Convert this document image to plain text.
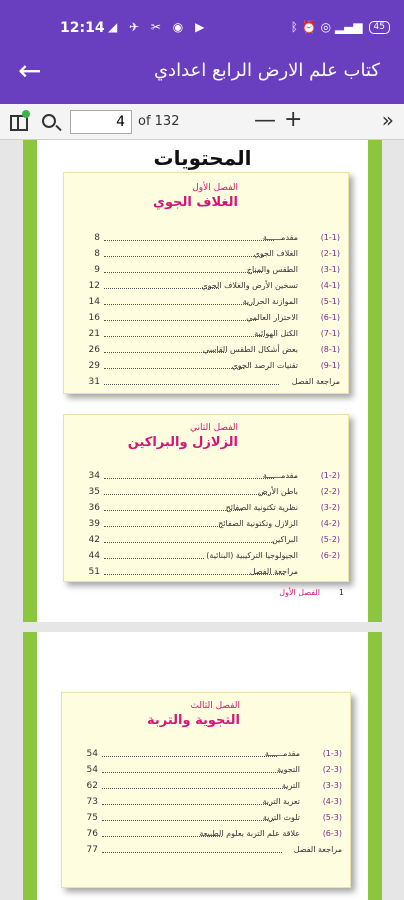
12:14 ◢ ✈ ✂ ◉ ▶	ᛒ ⏰ ◎ ▂▄▆	45
←	كتاب علم الارض الرابع اعدادي
4
of 132	— +	»
المحتويات
الفصل الأول
الغلاف الجوي
8	مقدمــــــة	(1-1)
8	الغلاف الجوي	(2-1)
9	الطقس والمناخ	(3-1)
12	تسخين الأرض والغلاف الجوي	(4-1)
14	الموازنة الحرارية	(5-1)
16	الاحترار العالمي	(6-1)
21	الكتل الهوائية	(7-1)
26	بعض أشكال الطقس القاسي	(8-1)
29	تقنيات الرصد الجوي	(9-1)
31	مراجعة الفصل
الفصل الثاني
الزلازل والبراكين
34	مقدمــــــة	(1-2)
35	باطن الأرض	(2-2)
36	نظرية تكتونية الصفائح	(3-2)
39	الزلازل وتكتونية الصفائح	(4-2)
42	البراكين	(5-2)
44	الجيولوجيا التركيبية (البنائية)	(6-2)
51	مراجعة الفصل
1
الفصل الأول
الفصل الثالث
التجوية والتربة
54	مقدمــــــة	(1-3)
54	التجوية	(2-3)
62	التربة	(3-3)
73	تعرية التربة	(4-3)
75	تلوث التربة	(5-3)
76	علاقة علم التربة بعلوم الطبيعة	(6-3)
77	مراجعة الفصل
